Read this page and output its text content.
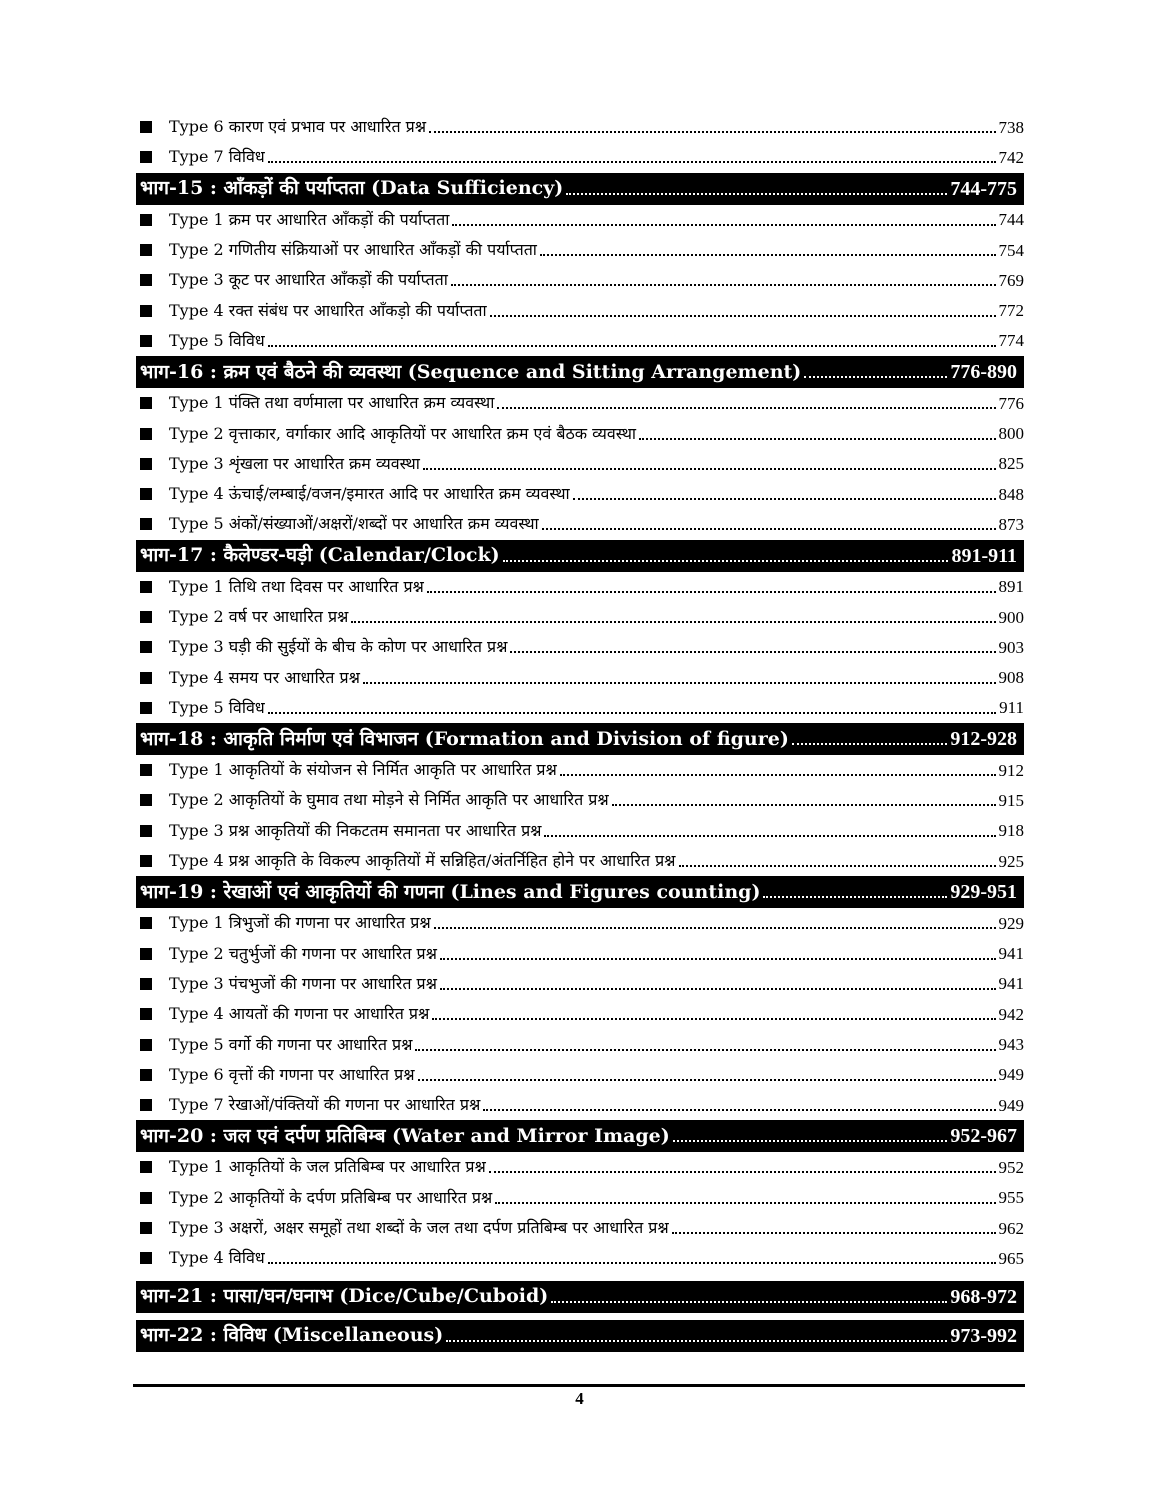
Type 6 कारण एवं प्रभाव पर आधारित प्रश्न	738
Type 7 विविध	742
भाग-15 : आँकड़ों की पर्याप्तता (Data Sufficiency)	744-775
Type 1 क्रम पर आधारित आँकड़ों की पर्याप्तता	744
Type 2 गणितीय संक्रियाओं पर आधारित आँकड़ों की पर्याप्तता	754
Type 3 कूट पर आधारित आँकड़ों की पर्याप्तता	769
Type 4 रक्त संबंध पर आधारित आँकड़ो की पर्याप्तता	772
Type 5 विविध	774
भाग-16 : क्रम एवं बैठने की व्यवस्था (Sequence and Sitting Arrangement)	776-890
Type 1 पंक्ति तथा वर्णमाला पर आधारित क्रम व्यवस्था	776
Type 2 वृत्ताकार, वर्गाकार आदि आकृतियों पर आधारित क्रम एवं बैठक व्यवस्था	800
Type 3 शृंखला पर आधारित क्रम व्यवस्था	825
Type 4 ऊंचाई/लम्बाई/वजन/इमारत आदि पर आधारित क्रम व्यवस्था	848
Type 5 अंकों/संख्याओं/अक्षरों/शब्दों पर आधारित क्रम व्यवस्था	873
भाग-17 : कैलेण्डर-घड़ी (Calendar/Clock)	891-911
Type 1 तिथि तथा दिवस पर आधारित प्रश्न	891
Type 2 वर्ष पर आधारित प्रश्न	900
Type 3 घड़ी की सुईयों के बीच के कोण पर आधारित प्रश्न	903
Type 4 समय पर आधारित प्रश्न	908
Type 5 विविध	911
भाग-18 : आकृति निर्माण एवं विभाजन (Formation and Division of figure)	912-928
Type 1 आकृतियों के संयोजन से निर्मित आकृति पर आधारित प्रश्न	912
Type 2 आकृतियों के घुमाव तथा मोड़ने से निर्मित आकृति पर आधारित प्रश्न	915
Type 3 प्रश्न आकृतियों की निकटतम समानता पर आधारित प्रश्न	918
Type 4 प्रश्न आकृति के विकल्प आकृतियों में सन्निहित/अंतर्निहित होने पर आधारित प्रश्न	925
भाग-19 : रेखाओं एवं आकृतियों की गणना (Lines and Figures counting)	929-951
Type 1 त्रिभुजों की गणना पर आधारित प्रश्न	929
Type 2 चतुर्भुजों की गणना पर आधारित प्रश्न	941
Type 3 पंचभुजों की गणना पर आधारित प्रश्न	941
Type 4 आयतों की गणना पर आधारित प्रश्न	942
Type 5 वर्गो की गणना पर आधारित प्रश्न	943
Type 6 वृत्तों की गणना पर आधारित प्रश्न	949
Type 7 रेखाओं/पंक्तियों की गणना पर आधारित प्रश्न	949
भाग-20 : जल एवं दर्पण प्रतिबिम्ब (Water and Mirror Image)	952-967
Type 1 आकृतियों के जल प्रतिबिम्ब पर आधारित प्रश्न	952
Type 2 आकृतियों के दर्पण प्रतिबिम्ब पर आधारित प्रश्न	955
Type 3 अक्षरों, अक्षर समूहों तथा शब्दों के जल तथा दर्पण प्रतिबिम्ब पर आधारित प्रश्न	962
Type 4 विविध	965
भाग-21 : पासा/घन/घनाभ (Dice/Cube/Cuboid)	968-972
भाग-22 : विविध (Miscellaneous)	973-992
4
